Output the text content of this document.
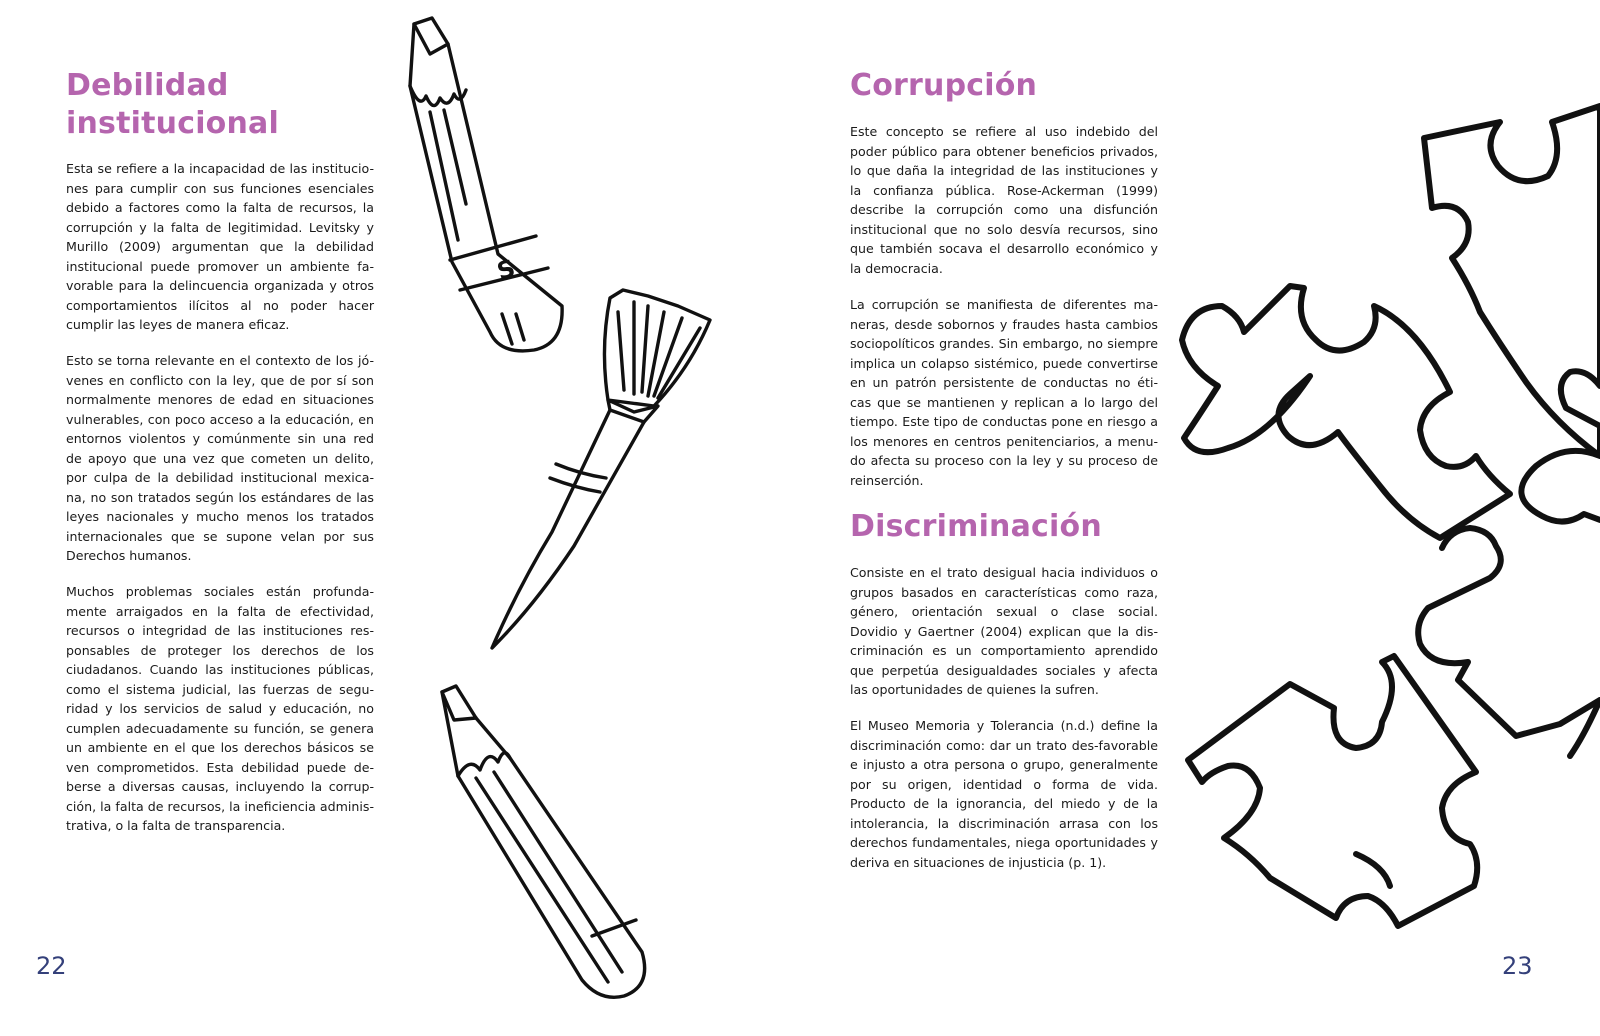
Debilidad institucional

Esta se refiere a la incapacidad de las institucio-nes para cumplir con sus funciones esenciales debido a factores como la falta de recursos, la corrupción y la falta de legitimidad. Levitsky y Murillo (2009) argumentan que la debilidad institucional puede promover un ambiente fa-vorable para la delincuencia organizada y otros comportamientos ilícitos al no poder hacer cumplir las leyes de manera eficaz.

Esto se torna relevante en el contexto de los jó-venes en conflicto con la ley, que de por sí son normalmente menores de edad en situaciones vulnerables, con poco acceso a la educación, en entornos violentos y comúnmente sin una red de apoyo que una vez que cometen un delito, por culpa de la debilidad institucional mexica-na, no son tratados según los estándares de las leyes nacionales y mucho menos los tratados internacionales que se supone velan por sus Derechos humanos.

Muchos problemas sociales están profunda-mente arraigados en la falta de efectividad, recursos o integridad de las instituciones res-ponsables de proteger los derechos de los ciudadanos. Cuando las instituciones públicas, como el sistema judicial, las fuerzas de segu-ridad y los servicios de salud y educación, no cumplen adecuadamente su función, se genera un ambiente en el que los derechos básicos se ven comprometidos. Esta debilidad puede de-berse a diversas causas, incluyendo la corrup-ción, la falta de recursos, la ineficiencia adminis-trativa, o la falta de transparencia.

22
Corrupción

Este concepto se refiere al uso indebido del poder público para obtener beneficios privados, lo que daña la integridad de las instituciones y la confianza pública. Rose-Ackerman (1999) describe la corrupción como una disfunción institucional que no solo desvía recursos, sino que también socava el desarrollo económico y la democracia.

La corrupción se manifiesta de diferentes ma-neras, desde sobornos y fraudes hasta cambios sociopolíticos grandes. Sin embargo, no siempre implica un colapso sistémico, puede convertirse en un patrón persistente de conductas no éti-cas que se mantienen y replican a lo largo del tiempo. Este tipo de conductas pone en riesgo a los menores en centros penitenciarios, a menu-do afecta su proceso con la ley y su proceso de reinserción.

Discriminación

Consiste en el trato desigual hacia individuos o grupos basados en características como raza, género, orientación sexual o clase social. Dovidio y Gaertner (2004) explican que la dis-criminación es un comportamiento aprendido que perpetúa desigualdades sociales y afecta las oportunidades de quienes la sufren.

El Museo Memoria y Tolerancia (n.d.) define la discriminación como: dar un trato des-favorable e injusto a otra persona o grupo, generalmente por su origen, identidad o forma de vida. Producto de la ignorancia, del miedo y de la intolerancia, la discriminación arrasa con los derechos fundamentales, niega oportunidades y deriva en situaciones de injusticia (p. 1).

23
S
